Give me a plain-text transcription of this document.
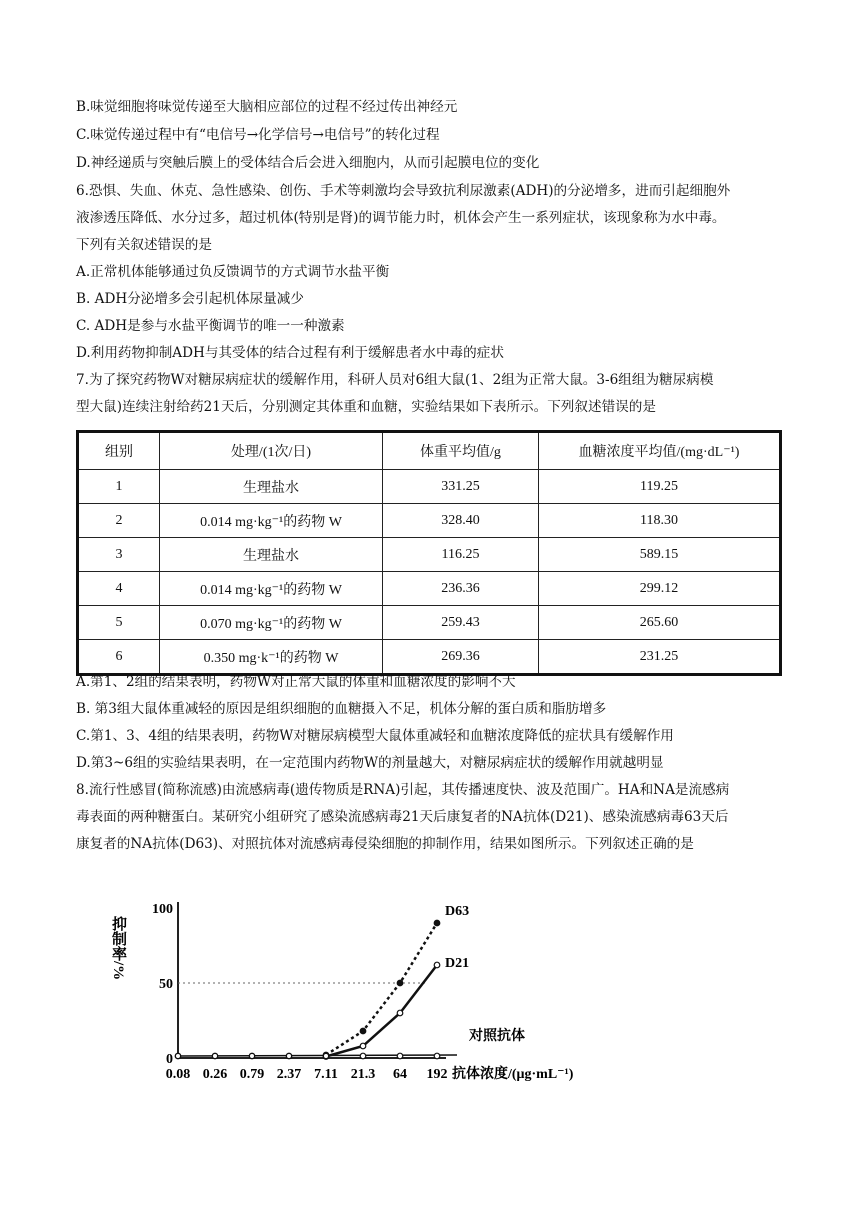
B.味觉细胞将味觉传递至大脑相应部位的过程不经过传出神经元
C.味觉传递过程中有“电信号→化学信号→电信号”的转化过程
D.神经递质与突触后膜上的受体结合后会进入细胞内，从而引起膜电位的变化
6.恐惧、失血、休克、急性感染、创伤、手术等刺激均会导致抗利尿激素(ADH)的分泌增多，进而引起细胞外
液渗透压降低、水分过多，超过机体(特别是肾)的调节能力时，机体会产生一系列症状，该现象称为水中毒。
下列有关叙述错误的是
A.正常机体能够通过负反馈调节的方式调节水盐平衡
B. ADH分泌增多会引起机体尿量减少
C. ADH是参与水盐平衡调节的唯一一种激素
D.利用药物抑制ADH与其受体的结合过程有利于缓解患者水中毒的症状
7.为了探究药物W对糖尿病症状的缓解作用，科研人员对6组大鼠(1、2组为正常大鼠。3-6组组为糖尿病模
型大鼠)连续注射给药21天后，分别测定其体重和血糖，实验结果如下表所示。下列叙述错误的是
组别	处理/(1次/日)	体重平均值/g	血糖浓度平均值/(mg·dL⁻¹)
1	生理盐水	331.25	119.25
2	0.014 mg·kg⁻¹的药物 W	328.40	118.30
3	生理盐水	116.25	589.15
4	0.014 mg·kg⁻¹的药物 W	236.36	299.12
5	0.070 mg·kg⁻¹的药物 W	259.43	265.60
6	0.350 mg·k⁻¹的药物 W	269.36	231.25
A.第1、2组的结果表明，药物W对正常大鼠的体重和血糖浓度的影响不大
B. 第3组大鼠体重减轻的原因是组织细胞的血糖摄入不足，机体分解的蛋白质和脂肪增多
C.第1、3、4组的结果表明，药物W对糖尿病模型大鼠体重减轻和血糖浓度降低的症状具有缓解作用
D.第3~6组的实验结果表明，在一定范围内药物W的剂量越大，对糖尿病症状的缓解作用就越明显
8.流行性感冒(简称流感)由流感病毒(遗传物质是RNA)引起，其传播速度快、波及范围广。HA和NA是流感病
毒表面的两种糖蛋白。某研究小组研究了感染流感病毒21天后康复者的NA抗体(D21)、感染流感病毒63天后
康复者的NA抗体(D63)、对照抗体对流感病毒侵染细胞的抑制作用，结果如图所示。下列叙述正确的是
0
50
100
抑制率/%
0.08 0.26 0.79 2.37 7.11 21.3 64 192 抗体浓度/(μg·mL⁻¹)
D63
D21
对照抗体
